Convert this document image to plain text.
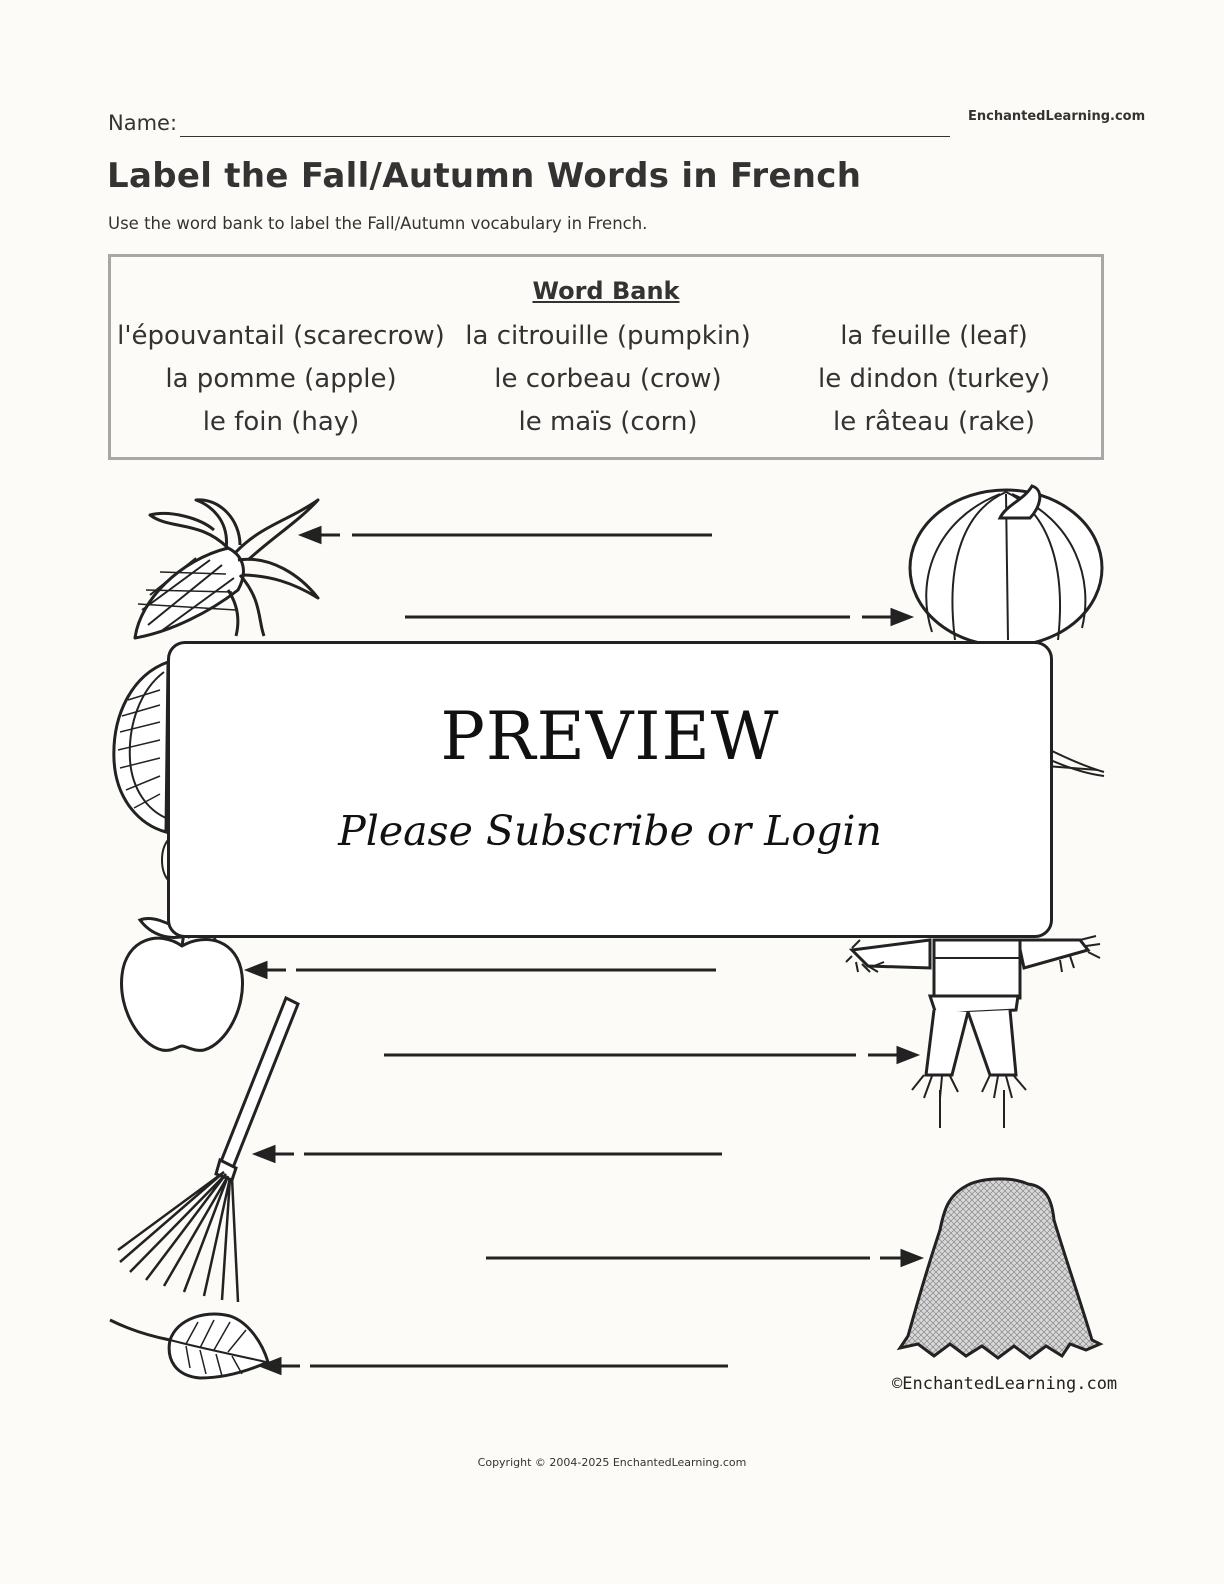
Name:	EnchantedLearning.com
Label the Fall/Autumn Words in French
Use the word bank to label the Fall/Autumn vocabulary in French.
Word Bank
l'épouvantail (scarecrow) la citrouille (pumpkin)	la feuille (leaf)
la pomme (apple)	le corbeau (crow)	le dindon (turkey)
le foin (hay)	le maïs (corn)	le râteau (rake)
PREVIEW
Please Subscribe or Login
©EnchantedLearning.com
Copyright © 2004-2025 EnchantedLearning.com
